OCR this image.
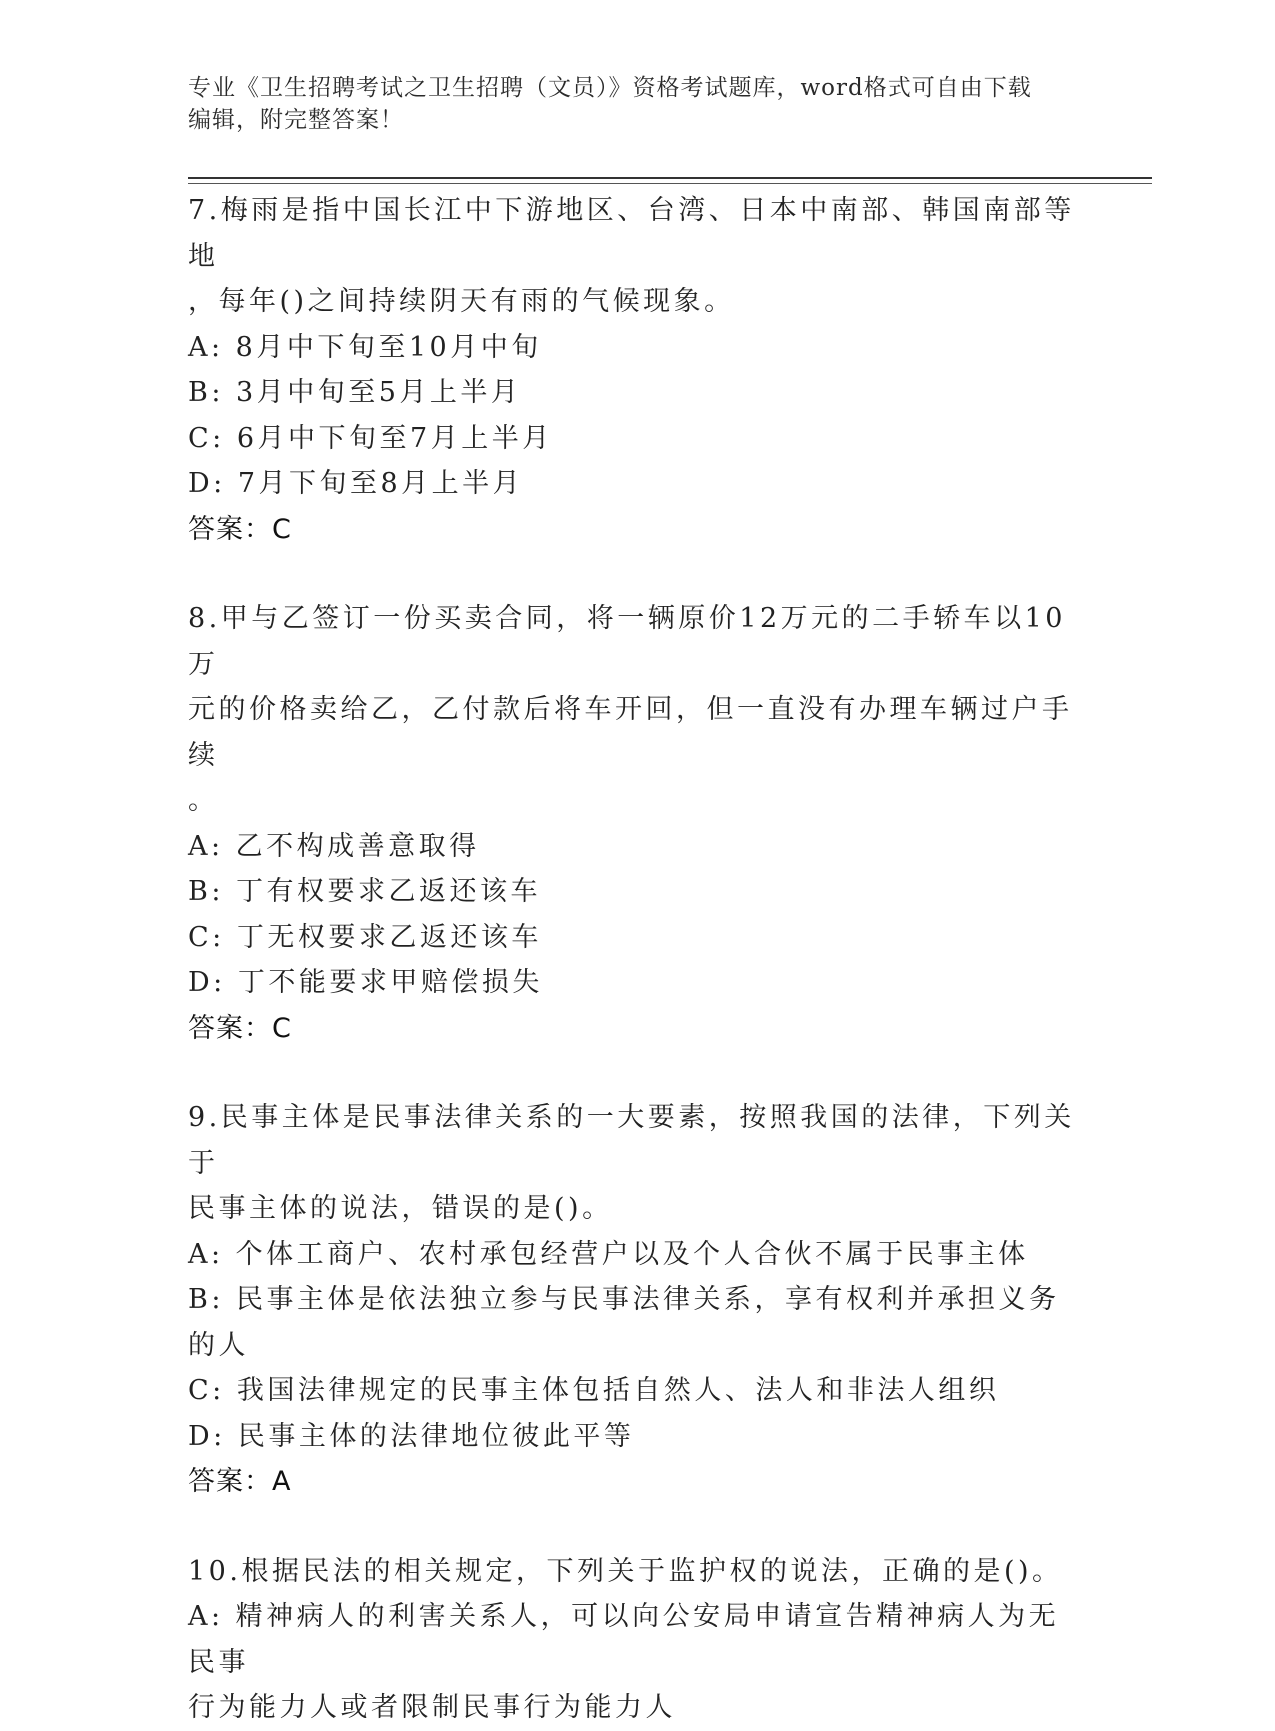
专业《卫生招聘考试之卫生招聘（文员）》资格考试题库，word格式可自由下载
编辑，附完整答案！

7.梅雨是指中国长江中下游地区、台湾、日本中南部、韩国南部等地

，每年()之间持续阴天有雨的气候现象。

A: 8月中下旬至10月中旬

B: 3月中旬至5月上半月

C: 6月中下旬至7月上半月

D: 7月下旬至8月上半月

答案：C

8.甲与乙签订一份买卖合同，将一辆原价12万元的二手轿车以10万

元的价格卖给乙，乙付款后将车开回，但一直没有办理车辆过户手续

。

A: 乙不构成善意取得

B: 丁有权要求乙返还该车

C: 丁无权要求乙返还该车

D: 丁不能要求甲赔偿损失

答案：C

9.民事主体是民事法律关系的一大要素，按照我国的法律，下列关于

民事主体的说法，错误的是()。

A: 个体工商户、农村承包经营户以及个人合伙不属于民事主体

B: 民事主体是依法独立参与民事法律关系，享有权利并承担义务的人

C: 我国法律规定的民事主体包括自然人、法人和非法人组织

D: 民事主体的法律地位彼此平等

答案：A

10.根据民法的相关规定，下列关于监护权的说法，正确的是()。

A: 精神病人的利害关系人，可以向公安局申请宣告精神病人为无民事

行为能力人或者限制民事行为能力人
